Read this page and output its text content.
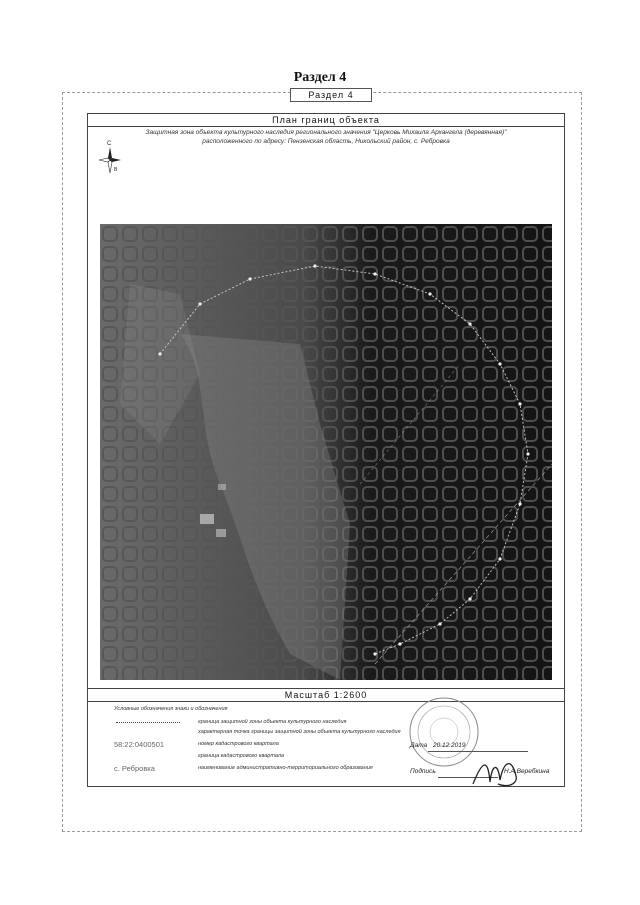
Раздел 4
Раздел 4
План границ объекта
Защитная зона объекта культурного наследия регионального значения "Церковь Михаила Архангела (деревянная)"
расположенного по адресу: Пензенская область, Никольский район, с. Ребровка
С
В
Масштаб 1:2600
Условные обозначения знаки и обозначения
граница защитной зоны объекта культурного наследия
характерная точка границы защитной зоны объекта культурного наследия
58:22:0400501	номер кадастрового квартала
граница кадастрового квартала
с. Ребровка	наименование административно-территориального образования
Дата 20.12.2019
Подпись	Н.А.Веребкина
